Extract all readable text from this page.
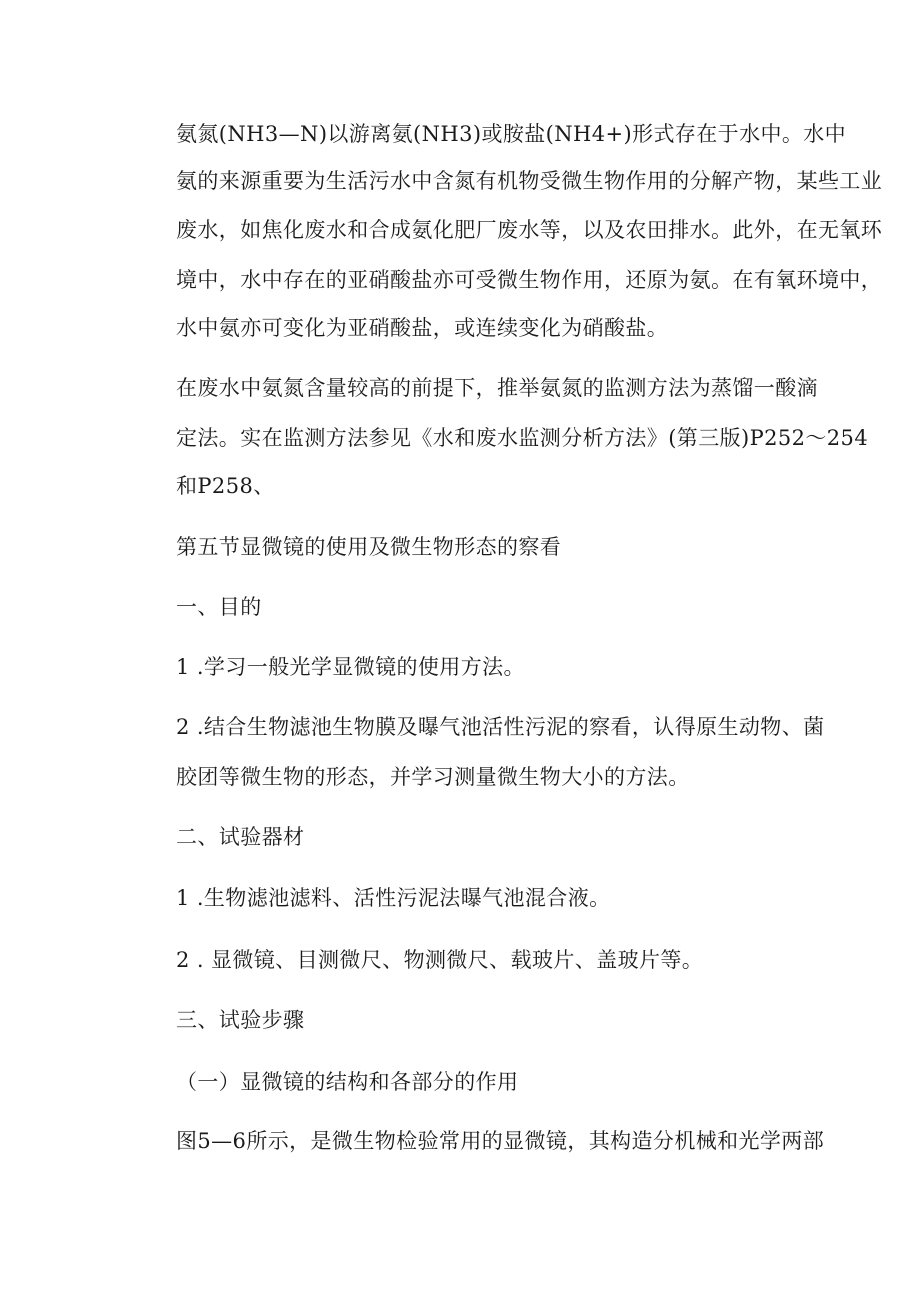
氨氮(NH3—N)以游离氨(NH3)或胺盐(NH4+)形式存在于水中。水中
氨的来源重要为生活污水中含氮有机物受微生物作用的分解产物，某些工业
废水，如焦化废水和合成氨化肥厂废水等，以及农田排水。此外，在无氧环
境中，水中存在的亚硝酸盐亦可受微生物作用，还原为氨。在有氧环境中，
水中氨亦可变化为亚硝酸盐，或连续变化为硝酸盐。
在废水中氨氮含量较高的前提下，推举氨氮的监测方法为蒸馏一酸滴
定法。实在监测方法参见《水和废水监测分析方法》(第三版)P252～254
和P258、
第五节显微镜的使用及微生物形态的察看
一、目的
1 .学习一般光学显微镜的使用方法。
2 .结合生物滤池生物膜及曝气池活性污泥的察看，认得原生动物、菌
胶团等微生物的形态，并学习测量微生物大小的方法。
二、试验器材
1 .生物滤池滤料、活性污泥法曝气池混合液。
2 . 显微镜、目测微尺、物测微尺、载玻片、盖玻片等。
三、试验步骤
（一）显微镜的结构和各部分的作用
图5—6所示，是微生物检验常用的显微镜，其构造分机械和光学两部
